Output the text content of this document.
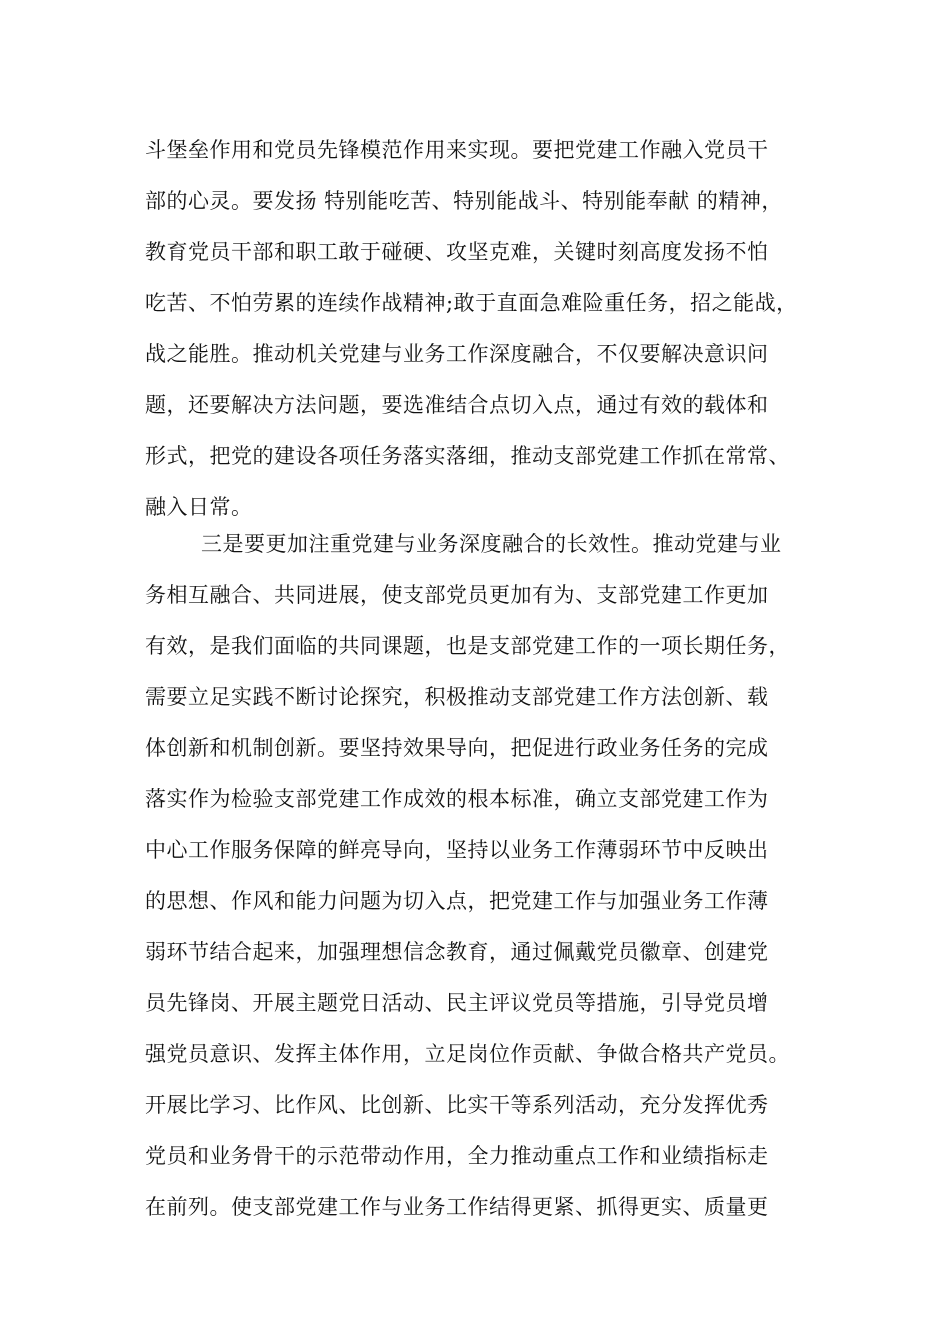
斗堡垒作用和党员先锋模范作用来实现。要把党建工作融入党员干
部的心灵。要发扬 特别能吃苦、特别能战斗、特别能奉献 的精神，
教育党员干部和职工敢于碰硬、攻坚克难，关键时刻高度发扬不怕
吃苦、不怕劳累的连续作战精神;敢于直面急难险重任务，招之能战，
战之能胜。推动机关党建与业务工作深度融合，不仅要解决意识问
题，还要解决方法问题，要选准结合点切入点，通过有效的载体和
形式，把党的建设各项任务落实落细，推动支部党建工作抓在常常、
融入日常。
三是要更加注重党建与业务深度融合的长效性。推动党建与业
务相互融合、共同进展，使支部党员更加有为、支部党建工作更加
有效，是我们面临的共同课题，也是支部党建工作的一项长期任务，
需要立足实践不断讨论探究，积极推动支部党建工作方法创新、载
体创新和机制创新。要坚持效果导向，把促进行政业务任务的完成
落实作为检验支部党建工作成效的根本标准，确立支部党建工作为
中心工作服务保障的鲜亮导向，坚持以业务工作薄弱环节中反映出
的思想、作风和能力问题为切入点，把党建工作与加强业务工作薄
弱环节结合起来，加强理想信念教育，通过佩戴党员徽章、创建党
员先锋岗、开展主题党日活动、民主评议党员等措施，引导党员增
强党员意识、发挥主体作用，立足岗位作贡献、争做合格共产党员。
开展比学习、比作风、比创新、比实干等系列活动，充分发挥优秀
党员和业务骨干的示范带动作用，全力推动重点工作和业绩指标走
在前列。使支部党建工作与业务工作结得更紧、抓得更实、质量更
